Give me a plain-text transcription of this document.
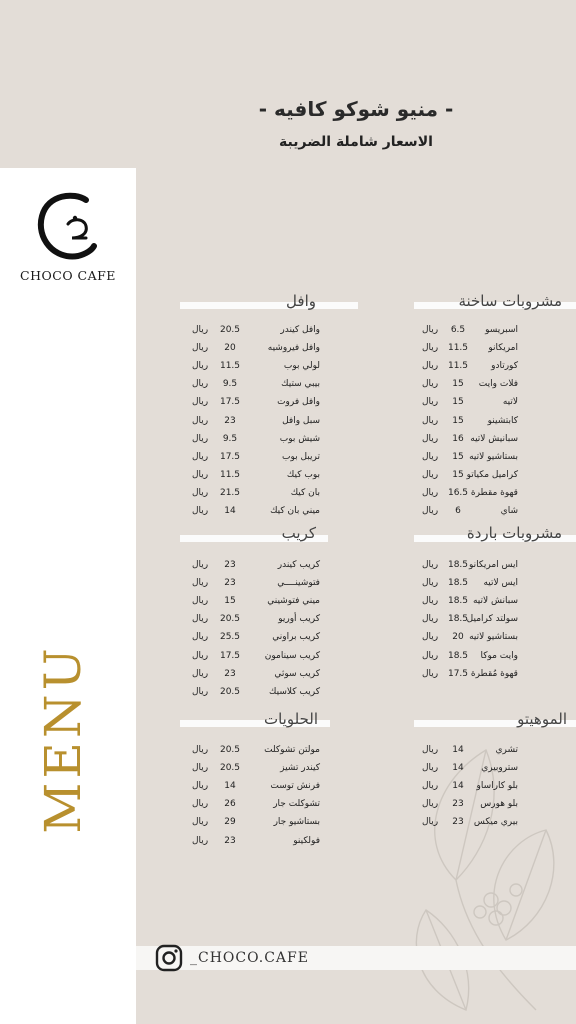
CHOCO CAFE
MENU
- منيو شوكو كافيه -
الاسعار شاملة الضريبة
مشروبات ساخنة
وافل
مشروبات باردة
كريب
الموهيتو
الحلويات
اسبريسو
6.5
ريال
امريكانو
11.5
ريال
كورتادو
11.5
ريال
فلات وايت
15
ريال
لاتيه
15
ريال
كابتشينو
15
ريال
سبانيش لاتيه
16
ريال
بستاشيو لاتيه
15
ريال
كراميل مكياتو
15
ريال
قهوة مقطرة
16.5
ريال
شاي
6
ريال
وافل كيندر
20.5
ريال
وافل فيروشيه
20
ريال
لولي بوب
11.5
ريال
بيبي ستيك
9.5
ريال
وافل فروت
17.5
ريال
سبل وافل
23
ريال
شيش بوب
9.5
ريال
تريبل بوب
17.5
ريال
بوب كيك
11.5
ريال
بان كيك
21.5
ريال
ميني بان كيك
14
ريال
ايس امريكانو
18.5
ريال
ايس لاتيه
18.5
ريال
سبانش لاتيه
18.5
ريال
سولتد كراميل
18.5
ريال
بستاشيو لاتيه
20
ريال
وايت موكا
18.5
ريال
قهوة مُقطرة
17.5
ريال
كريب كيندر
23
ريال
فتوشينــــي
23
ريال
ميني فتوشيني
15
ريال
كريب أوريو
20.5
ريال
كريب براوني
25.5
ريال
كريب سينامون
17.5
ريال
كريب سوثي
23
ريال
كريب كلاسيك
20.5
ريال
تشري
14
ريال
ستروبيري
14
ريال
بلو كاراساو
14
ريال
بلو هورس
23
ريال
بيري ميكس
23
ريال
مولتن تشوكلت
20.5
ريال
كيندر تشيز
20.5
ريال
فرنش توست
14
ريال
تشوكلت جار
26
ريال
بستاشيو جار
29
ريال
فولكينو
23
ريال
_CHOCO.CAFE
